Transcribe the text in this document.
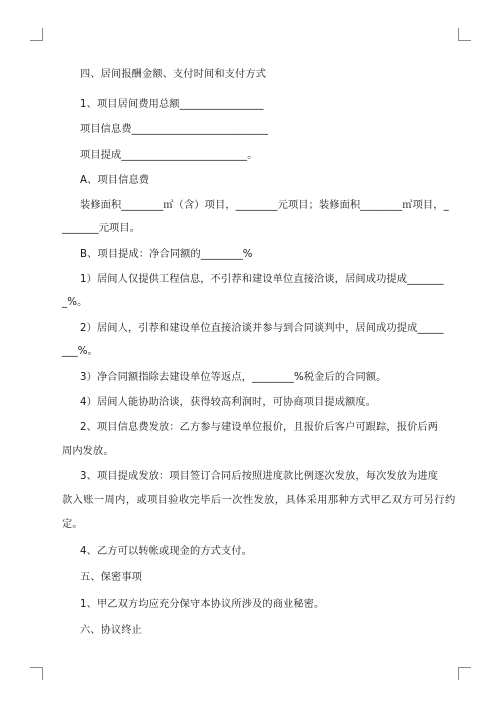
四、居间报酬金额、支付时间和支付方式
1、项目居间费用总额________________
项目信息费__________________________
项目提成________________________。
A、项目信息费
装修面积________㎡（含）项目，________元项目；装修面积________㎡项目，_
_______元项目。
B、项目提成：净合同额的________%
1）居间人仅提供工程信息，不引荐和建设单位直接洽谈，居间成功提成_______
_%。
2）居间人，引荐和建设单位直接洽谈并参与到合同谈判中，居间成功提成_____
___%。
3）净合同额指除去建设单位等返点，________%税金后的合同额。
4）居间人能协助洽谈，获得较高利润时，可协商项目提成额度。
2、项目信息费发放：乙方参与建设单位报价，且报价后客户可跟踪，报价后两
周内发放。
3、项目提成发放：项目签订合同后按照进度款比例逐次发放，每次发放为进度
款入账一周内，或项目验收完毕后一次性发放，具体采用那种方式甲乙双方可另行约
定。
4、乙方可以转帐或现金的方式支付。
五、保密事项
1、甲乙双方均应充分保守本协议所涉及的商业秘密。
六、协议终止
